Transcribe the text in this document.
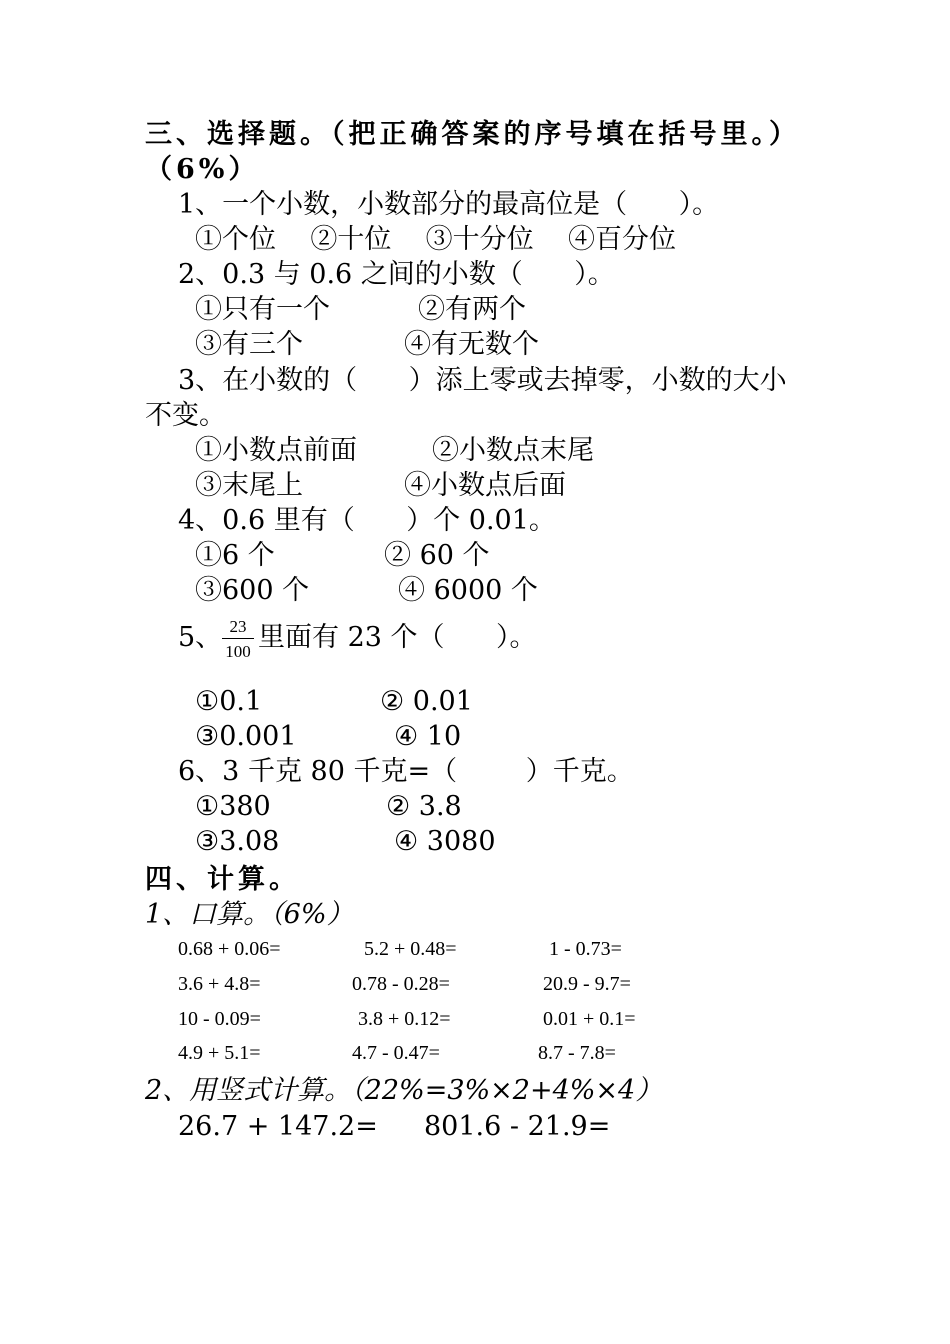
三、选择题。（把正确答案的序号填在括号里。）
（6%）
1、一个小数，小数部分的最高位是（      ）。
①个位    ②十位    ③十分位    ④百分位
2、0.3 与 0.6 之间的小数（      ）。
①只有一个	②有两个
③有三个	④有无数个
3、在小数的（      ）添上零或去掉零，小数的大小
不变。
①小数点前面	②小数点末尾
③末尾上	④小数点后面
4、0.6 里有（      ）个 0.01。
①6 个	② 60 个
③600 个	④ 6000 个
5、 $\frac{23}{100}$ 里面有 23 个（      ）。
①0.1	② 0.01
③0.001	④ 10
6、3 千克 80 千克=（        ）千克。
①380	② 3.8
③3.08	④ 3080
四、计算。
1、口算。（6%）
0.68 + 0.06=	5.2 + 0.48=	1 - 0.73=
3.6 + 4.8=	0.78 - 0.28=	20.9 - 9.7=
10 - 0.09=	3.8 + 0.12=	0.01 + 0.1=
4.9 + 5.1=	4.7 - 0.47=	8.7 - 7.8=
2、用竖式计算。（22%=3%×2+4%×4）
26.7 + 147.2= 801.6 - 21.9=
